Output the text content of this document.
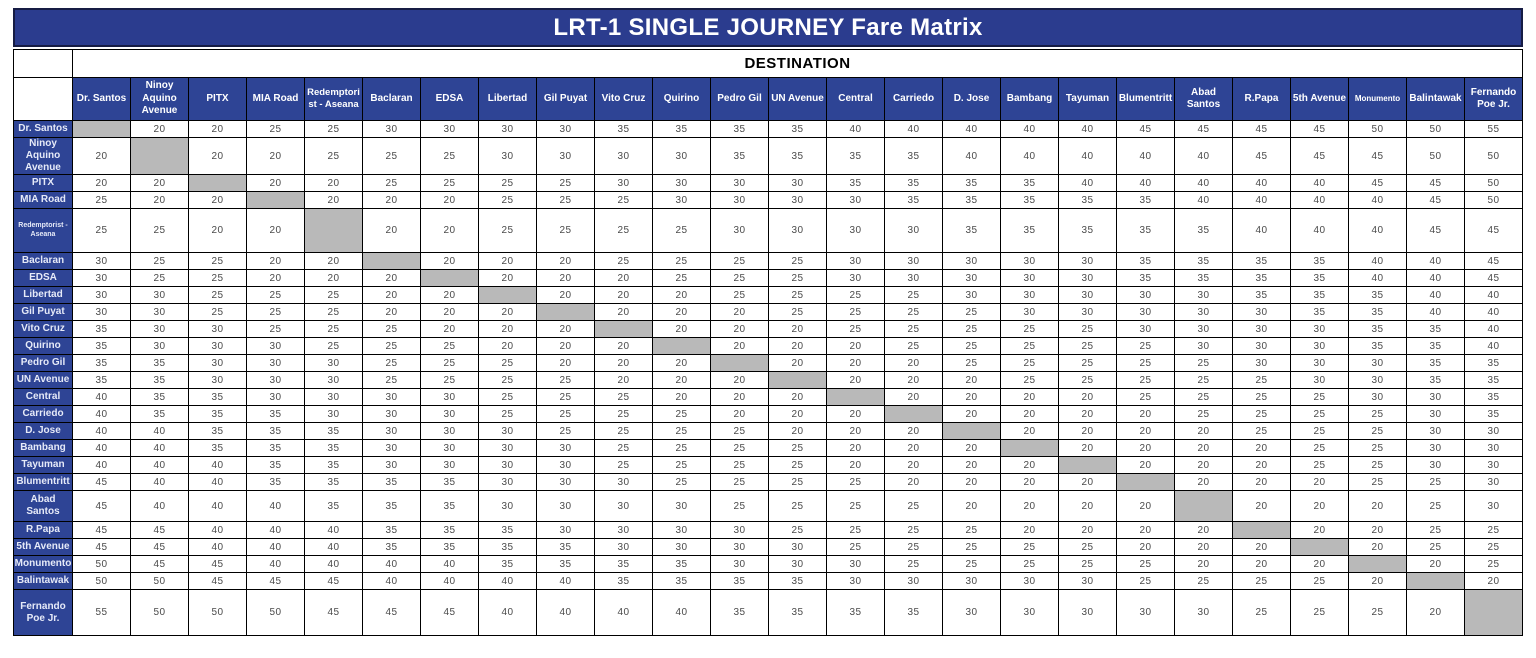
LRT-1 SINGLE JOURNEY Fare Matrix
	DESTINATION																								
	Dr. Santos	Ninoy Aquino Avenue	PITX	MIA Road	Redemptorist - Aseana	Baclaran	EDSA	Libertad	Gil Puyat	Vito Cruz	Quirino	Pedro Gil	UN Avenue	Central	Carriedo	D. Jose	Bambang	Tayuman	Blumentritt	Abad Santos	R.Papa	5th Avenue	Monumento	Balintawak	Fernando Poe Jr.
Dr. Santos		20	20	25	25	30	30	30	30	35	35	35	35	40	40	40	40	40	45	45	45	45	50	50	55
Ninoy Aquino Avenue	20		20	20	25	25	25	30	30	30	30	35	35	35	35	40	40	40	40	40	45	45	45	50	50
PITX	20	20		20	20	25	25	25	25	30	30	30	30	35	35	35	35	40	40	40	40	40	45	45	50
MIA Road	25	20	20		20	20	20	25	25	25	30	30	30	30	35	35	35	35	35	40	40	40	40	45	50
Redemptorist - Aseana	25	25	20	20		20	20	25	25	25	25	30	30	30	30	35	35	35	35	35	40	40	40	45	45
Baclaran	30	25	25	20	20		20	20	20	25	25	25	25	30	30	30	30	30	35	35	35	35	40	40	45
EDSA	30	25	25	20	20	20		20	20	20	25	25	25	30	30	30	30	30	35	35	35	35	40	40	45
Libertad	30	30	25	25	25	20	20		20	20	20	25	25	25	25	30	30	30	30	30	35	35	35	40	40
Gil Puyat	30	30	25	25	25	20	20	20		20	20	20	25	25	25	25	30	30	30	30	30	35	35	40	40
Vito Cruz	35	30	30	25	25	25	20	20	20		20	20	20	25	25	25	25	25	30	30	30	30	35	35	40
Quirino	35	30	30	30	25	25	25	20	20	20		20	20	20	25	25	25	25	25	30	30	30	35	35	40
Pedro Gil	35	35	30	30	30	25	25	25	20	20	20		20	20	20	25	25	25	25	25	30	30	30	35	35
UN Avenue	35	35	30	30	30	25	25	25	25	20	20	20		20	20	20	25	25	25	25	25	30	30	35	35
Central	40	35	35	30	30	30	30	25	25	25	20	20	20		20	20	20	20	25	25	25	25	30	30	35
Carriedo	40	35	35	35	30	30	30	25	25	25	25	20	20	20		20	20	20	20	25	25	25	25	30	35
D. Jose	40	40	35	35	35	30	30	30	25	25	25	25	20	20	20		20	20	20	20	25	25	25	30	30
Bambang	40	40	35	35	35	30	30	30	30	25	25	25	25	20	20	20		20	20	20	20	25	25	30	30
Tayuman	40	40	40	35	35	30	30	30	30	25	25	25	25	20	20	20	20		20	20	20	25	25	30	30
Blumentritt	45	40	40	35	35	35	35	30	30	30	25	25	25	25	20	20	20	20		20	20	20	25	25	30
Abad Santos	45	40	40	40	35	35	35	30	30	30	30	25	25	25	25	20	20	20	20		20	20	20	25	30
R.Papa	45	45	40	40	40	35	35	35	30	30	30	30	25	25	25	25	20	20	20	20		20	20	25	25
5th Avenue	45	45	40	40	40	35	35	35	35	30	30	30	30	25	25	25	25	25	20	20	20		20	25	25
Monumento	50	45	45	40	40	40	40	35	35	35	35	30	30	30	25	25	25	25	25	20	20	20		20	25
Balintawak	50	50	45	45	45	40	40	40	40	35	35	35	35	30	30	30	30	30	25	25	25	25	20		20
Fernando Poe Jr.	55	50	50	50	45	45	45	40	40	40	40	35	35	35	35	30	30	30	30	30	25	25	25	20	
